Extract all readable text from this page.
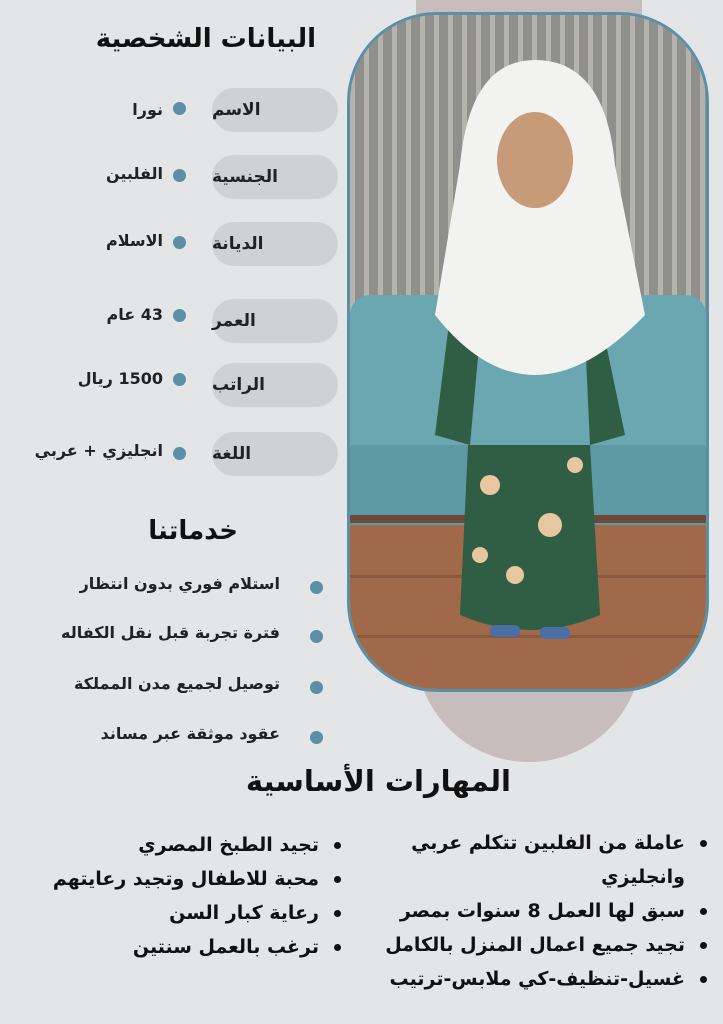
البيانات الشخصية
الاسم
نورا
الجنسية
الفلبين
الديانة
الاسلام
العمر
43 عام
الراتب
1500 ريال
اللغة
انجليزي + عربي
خدماتنا
استلام فوري بدون انتظار
فترة تجربة قبل نقل الكفاله
توصيل لجميع مدن المملكة
عقود موثقة عبر مساند
المهارات الأساسية
عاملة من الفلبين تتكلم عربي وانجليزي
سبق لها العمل 8 سنوات بمصر
تجيد جميع اعمال المنزل بالكامل
غسيل-تنظيف-كي ملابس-ترتيب
تجيد الطبخ المصري
محبة للاطفال وتجيد رعايتهم
رعاية كبار السن
ترغب بالعمل سنتين
